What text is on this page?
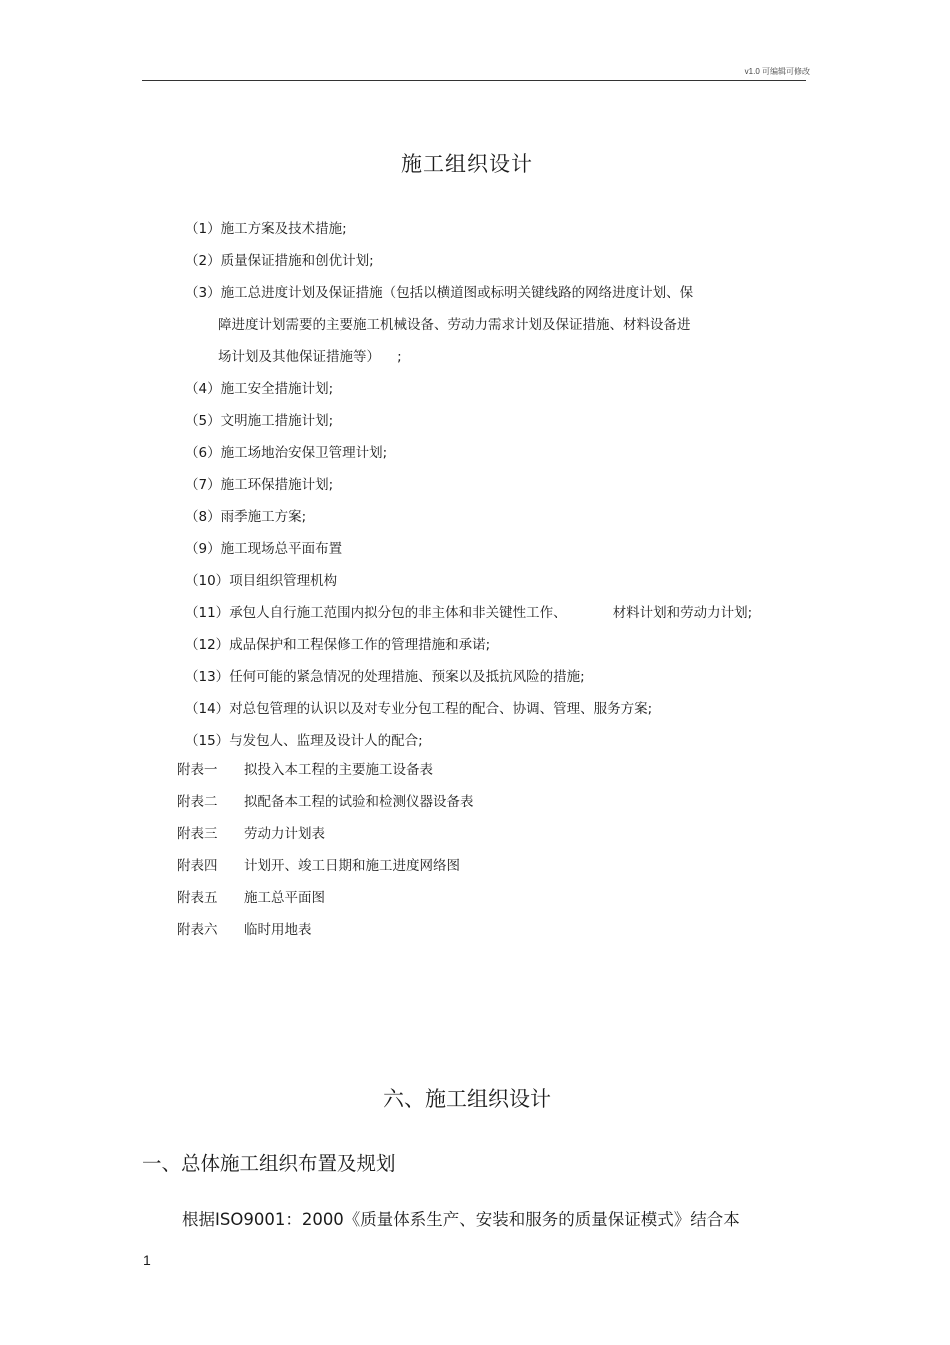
v1.0 可编辑可修改
施工组织设计
（1）施工方案及技术措施;
（2）质量保证措施和创优计划;
（3）施工总进度计划及保证措施（包括以横道图或标明关键线路的网络进度计划、保
障进度计划需要的主要施工机械设备、劳动力需求计划及保证措施、材料设备进
场计划及其他保证措施等）    ;
（4）施工安全措施计划;
（5）文明施工措施计划;
（6）施工场地治安保卫管理计划;
（7）施工环保措施计划;
（8）雨季施工方案;
（9）施工现场总平面布置
（10）项目组织管理机构
（11）承包人自行施工范围内拟分包的非主体和非关键性工作、	材料计划和劳动力计划;
（12）成品保护和工程保修工作的管理措施和承诺;
（13）任何可能的紧急情况的处理措施、预案以及抵抗风险的措施;
（14）对总包管理的认识以及对专业分包工程的配合、协调、管理、服务方案;
（15）与发包人、监理及设计人的配合;
附表一 拟投入本工程的主要施工设备表
附表二 拟配备本工程的试验和检测仪器设备表
附表三 劳动力计划表
附表四 计划开、竣工日期和施工进度网络图
附表五 施工总平面图
附表六 临时用地表
六、施工组织设计
一、总体施工组织布置及规划
根据ISO9001：2000《质量体系生产、安装和服务的质量保证模式》结合本
1
